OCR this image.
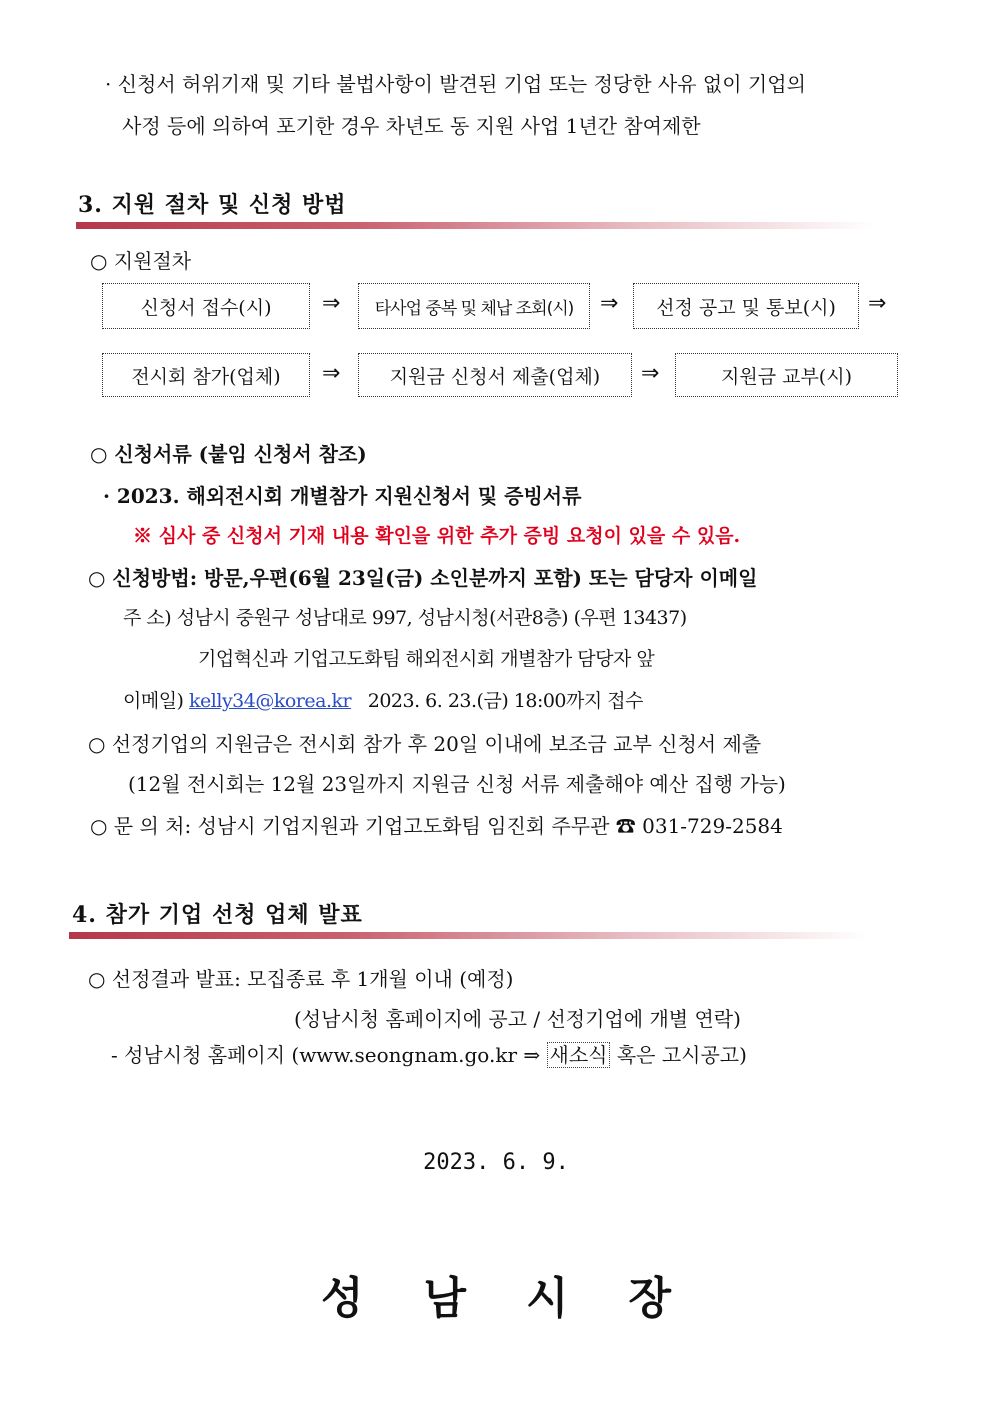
· 신청서 허위기재 및 기타 불법사항이 발견된 기업 또는 정당한 사유 없이 기업의
사정 등에 의하여 포기한 경우 차년도 동 지원 사업 1년간 참여제한
3. 지원 절차 및 신청 방법
○ 지원절차
신청서 접수(시)	⇒	타사업 중복 및 체납 조회(시)	⇒	선정 공고 및 통보(시)	⇒
전시회 참가(업체)	⇒	지원금 신청서 제출(업체)	⇒	지원금 교부(시)
○ 신청서류 (붙임 신청서 참조)
· 2023. 해외전시회 개별참가 지원신청서 및 증빙서류
※ 심사 중 신청서 기재 내용 확인을 위한 추가 증빙 요청이 있을 수 있음.
○ 신청방법: 방문,우편(6월 23일(금) 소인분까지 포함) 또는 담당자 이메일
주 소) 성남시 중원구 성남대로 997, 성남시청(서관8층) (우편 13437)
기업혁신과 기업고도화팀 해외전시회 개별참가 담당자 앞
이메일) kelly34@korea.kr 2023. 6. 23.(금) 18:00까지 접수
○ 선정기업의 지원금은 전시회 참가 후 20일 이내에 보조금 교부 신청서 제출
(12월 전시회는 12월 23일까지 지원금 신청 서류 제출해야 예산 집행 가능)
○ 문 의 처: 성남시 기업지원과 기업고도화팀 임진회 주무관 ☎ 031-729-2584
4. 참가 기업 선청 업체 발표
○ 선정결과 발표: 모집종료 후 1개월 이내 (예정)
(성남시청 홈페이지에 공고 / 선정기업에 개별 연락)
- 성남시청 홈페이지 (www.seongnam.go.kr ⇒ 새소식 혹은 고시공고)
2023. 6. 9.
성남시장
